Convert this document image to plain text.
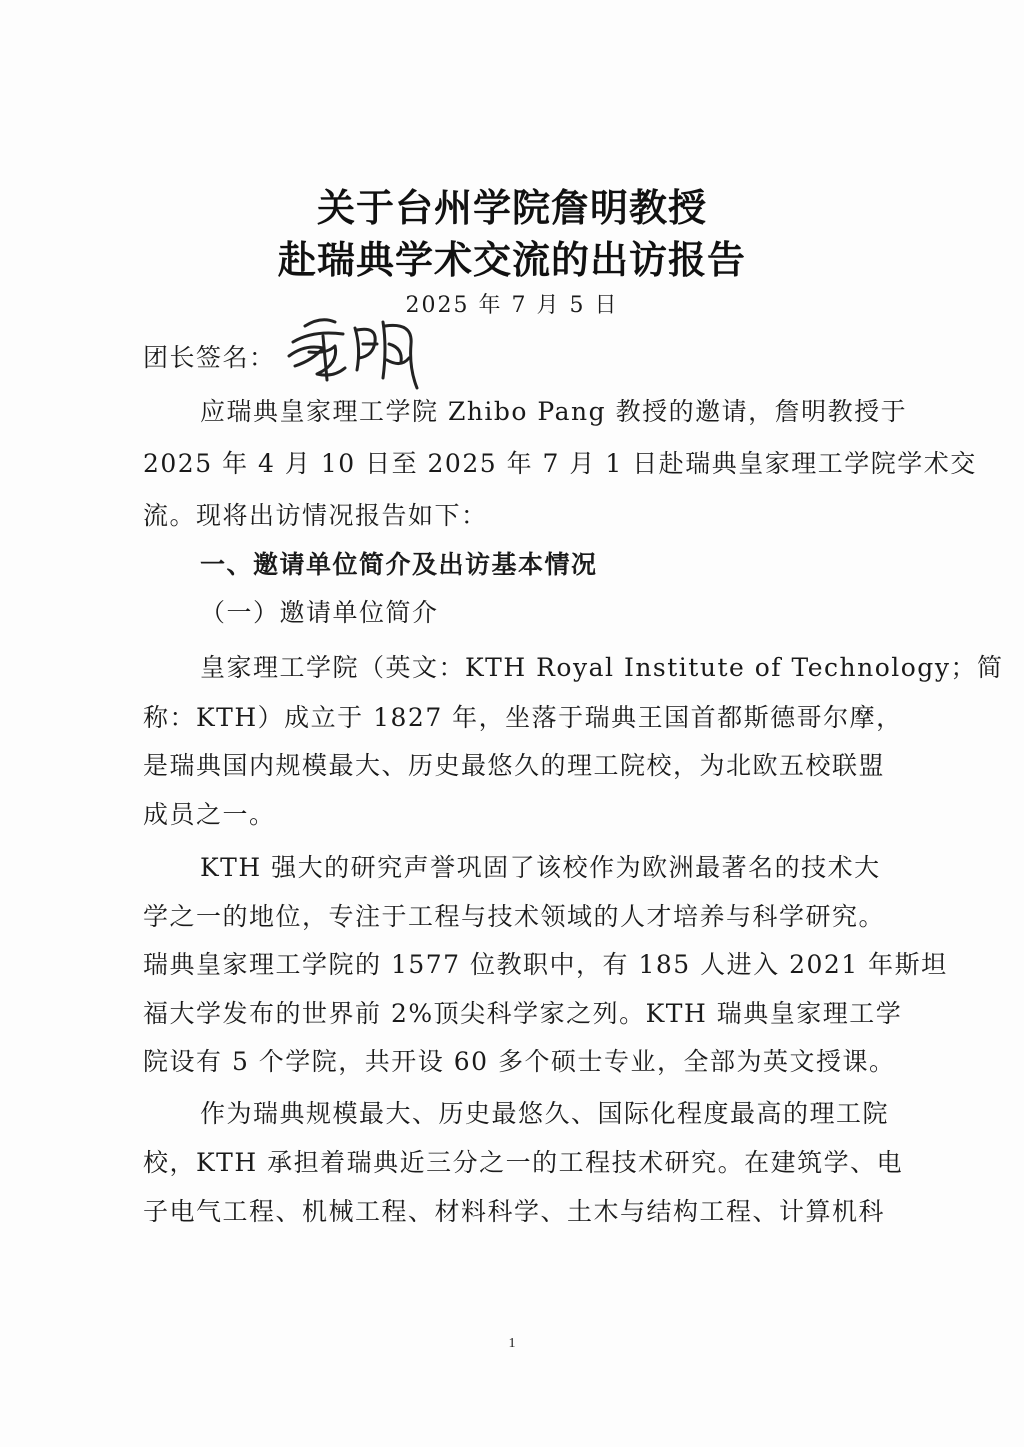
关于台州学院詹明教授
赴瑞典学术交流的出访报告
2025 年 7 月 5 日
团长签名：
应瑞典皇家理工学院 Zhibo Pang 教授的邀请，詹明教授于
2025 年 4 月 10 日至 2025 年 7 月 1 日赴瑞典皇家理工学院学术交
流。现将出访情况报告如下：
一、邀请单位简介及出访基本情况
（一）邀请单位简介
皇家理工学院（英文：KTH Royal Institute of Technology；简
称：KTH）成立于 1827 年，坐落于瑞典王国首都斯德哥尔摩，
是瑞典国内规模最大、历史最悠久的理工院校，为北欧五校联盟
成员之一。
KTH 强大的研究声誉巩固了该校作为欧洲最著名的技术大
学之一的地位，专注于工程与技术领域的人才培养与科学研究。
瑞典皇家理工学院的 1577 位教职中，有 185 人进入 2021 年斯坦
福大学发布的世界前 2%顶尖科学家之列。KTH 瑞典皇家理工学
院设有 5 个学院，共开设 60 多个硕士专业，全部为英文授课。
作为瑞典规模最大、历史最悠久、国际化程度最高的理工院
校，KTH 承担着瑞典近三分之一的工程技术研究。在建筑学、电
子电气工程、机械工程、材料科学、土木与结构工程、计算机科
1
